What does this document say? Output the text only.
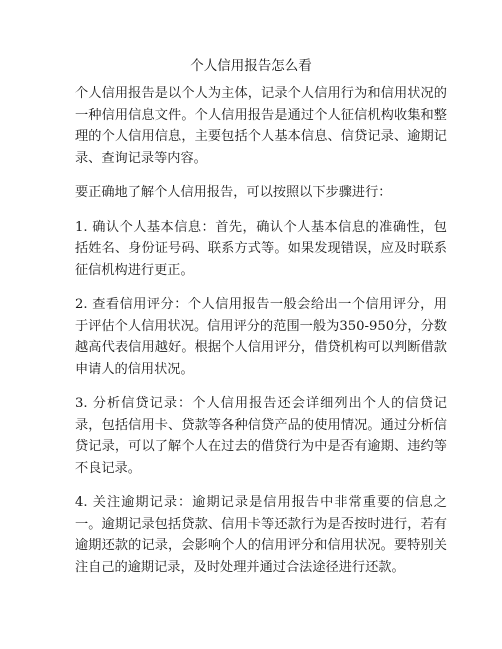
个人信用报告怎么看

个人信用报告是以个人为主体，记录个人信用行为和信用状况的一种信用信息文件。个人信用报告是通过个人征信机构收集和整理的个人信用信息，主要包括个人基本信息、信贷记录、逾期记录、查询记录等内容。

要正确地了解个人信用报告，可以按照以下步骤进行：

1. 确认个人基本信息：首先，确认个人基本信息的准确性，包括姓名、身份证号码、联系方式等。如果发现错误，应及时联系征信机构进行更正。

2. 查看信用评分：个人信用报告一般会给出一个信用评分，用于评估个人信用状况。信用评分的范围一般为350-950分，分数越高代表信用越好。根据个人信用评分，借贷机构可以判断借款申请人的信用状况。

3. 分析信贷记录：个人信用报告还会详细列出个人的信贷记录，包括信用卡、贷款等各种信贷产品的使用情况。通过分析信贷记录，可以了解个人在过去的借贷行为中是否有逾期、违约等不良记录。

4. 关注逾期记录：逾期记录是信用报告中非常重要的信息之一。逾期记录包括贷款、信用卡等还款行为是否按时进行，若有逾期还款的记录，会影响个人的信用评分和信用状况。要特别关注自己的逾期记录，及时处理并通过合法途径进行还款。
